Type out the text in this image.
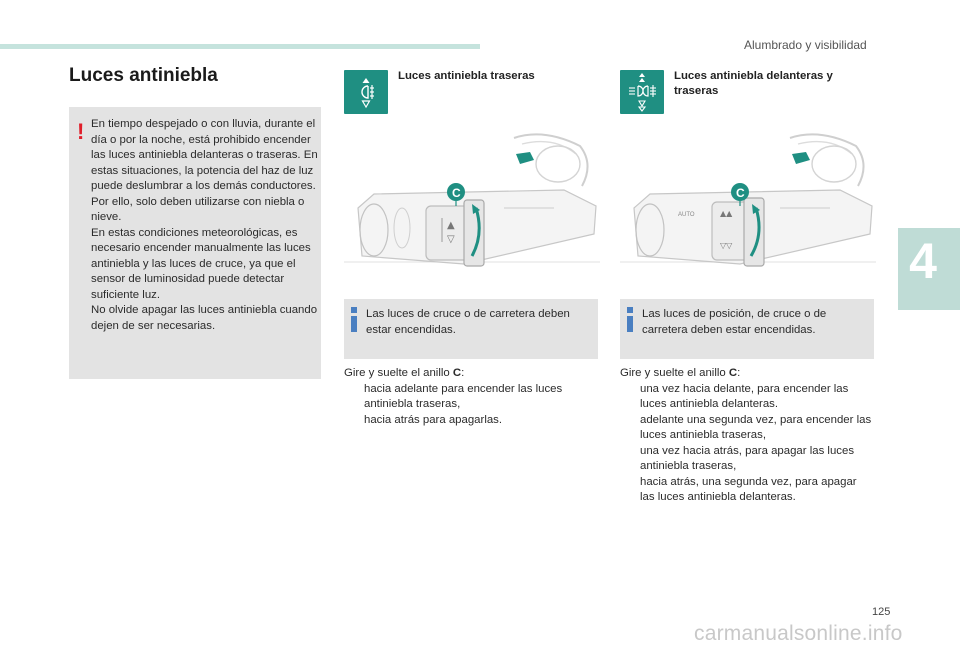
Alumbrado y visibilidad
Luces antiniebla
! En tiempo despejado o con lluvia, durante el día o por la noche, está prohibido encender las luces antiniebla delanteras o traseras. En estas situaciones, la potencia del haz de luz puede deslumbrar a los demás conductores. Por ello, solo deben utilizarse con niebla o nieve.

En estas condiciones meteorológicas, es necesario encender manualmente las luces antiniebla y las luces de cruce, ya que el sensor de luminosidad puede detectar suficiente luz.

No olvide apagar las luces antiniebla cuando dejen de ser necesarias.

Luces antiniebla traseras
▲
▽
C
Las luces de cruce o de carretera deben estar encendidas.
Gire y suelte el anillo C:
hacia adelante para encender las luces antiniebla traseras,
hacia atrás para apagarlas.
Luces antiniebla delanteras y traseras
AUTO	▲▲
▽▽
C
Las luces de posición, de cruce o de carretera deben estar encendidas.
Gire y suelte el anillo C:
una vez hacia delante, para encender las luces antiniebla delanteras.
adelante una segunda vez, para encender las luces antiniebla traseras,
una vez hacia atrás, para apagar las luces antiniebla traseras,
hacia atrás, una segunda vez, para apagar las luces antiniebla delanteras.
4
125
carmanualsonline.info
